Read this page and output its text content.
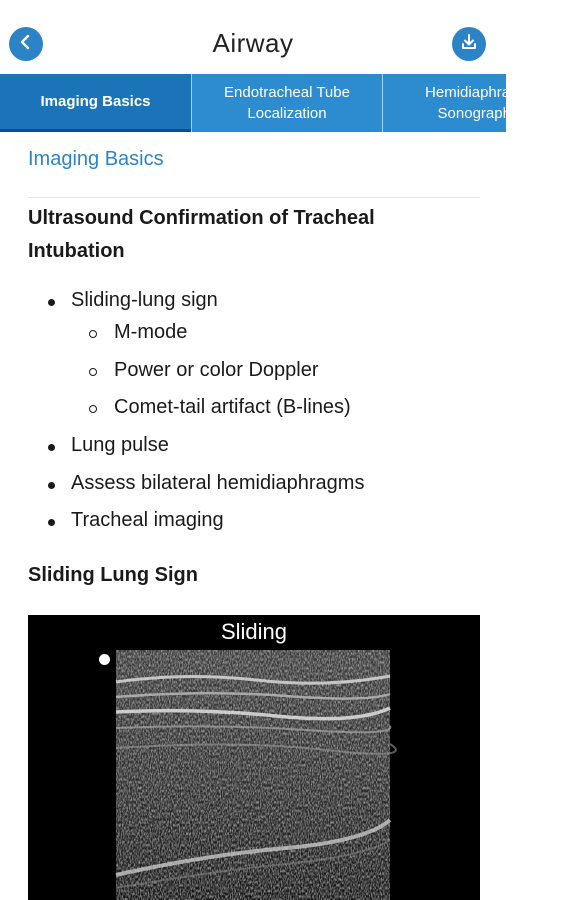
Airway
Imaging Basics
Endotracheal Tube Localization
Hemidiaphragm Sonography
Imaging Basics
Ultrasound Confirmation of Tracheal Intubation
Sliding-lung sign
M-mode
Power or color Doppler
Comet-tail artifact (B-lines)
Lung pulse
Assess bilateral hemidiaphragms
Tracheal imaging
Sliding Lung Sign
Sliding
